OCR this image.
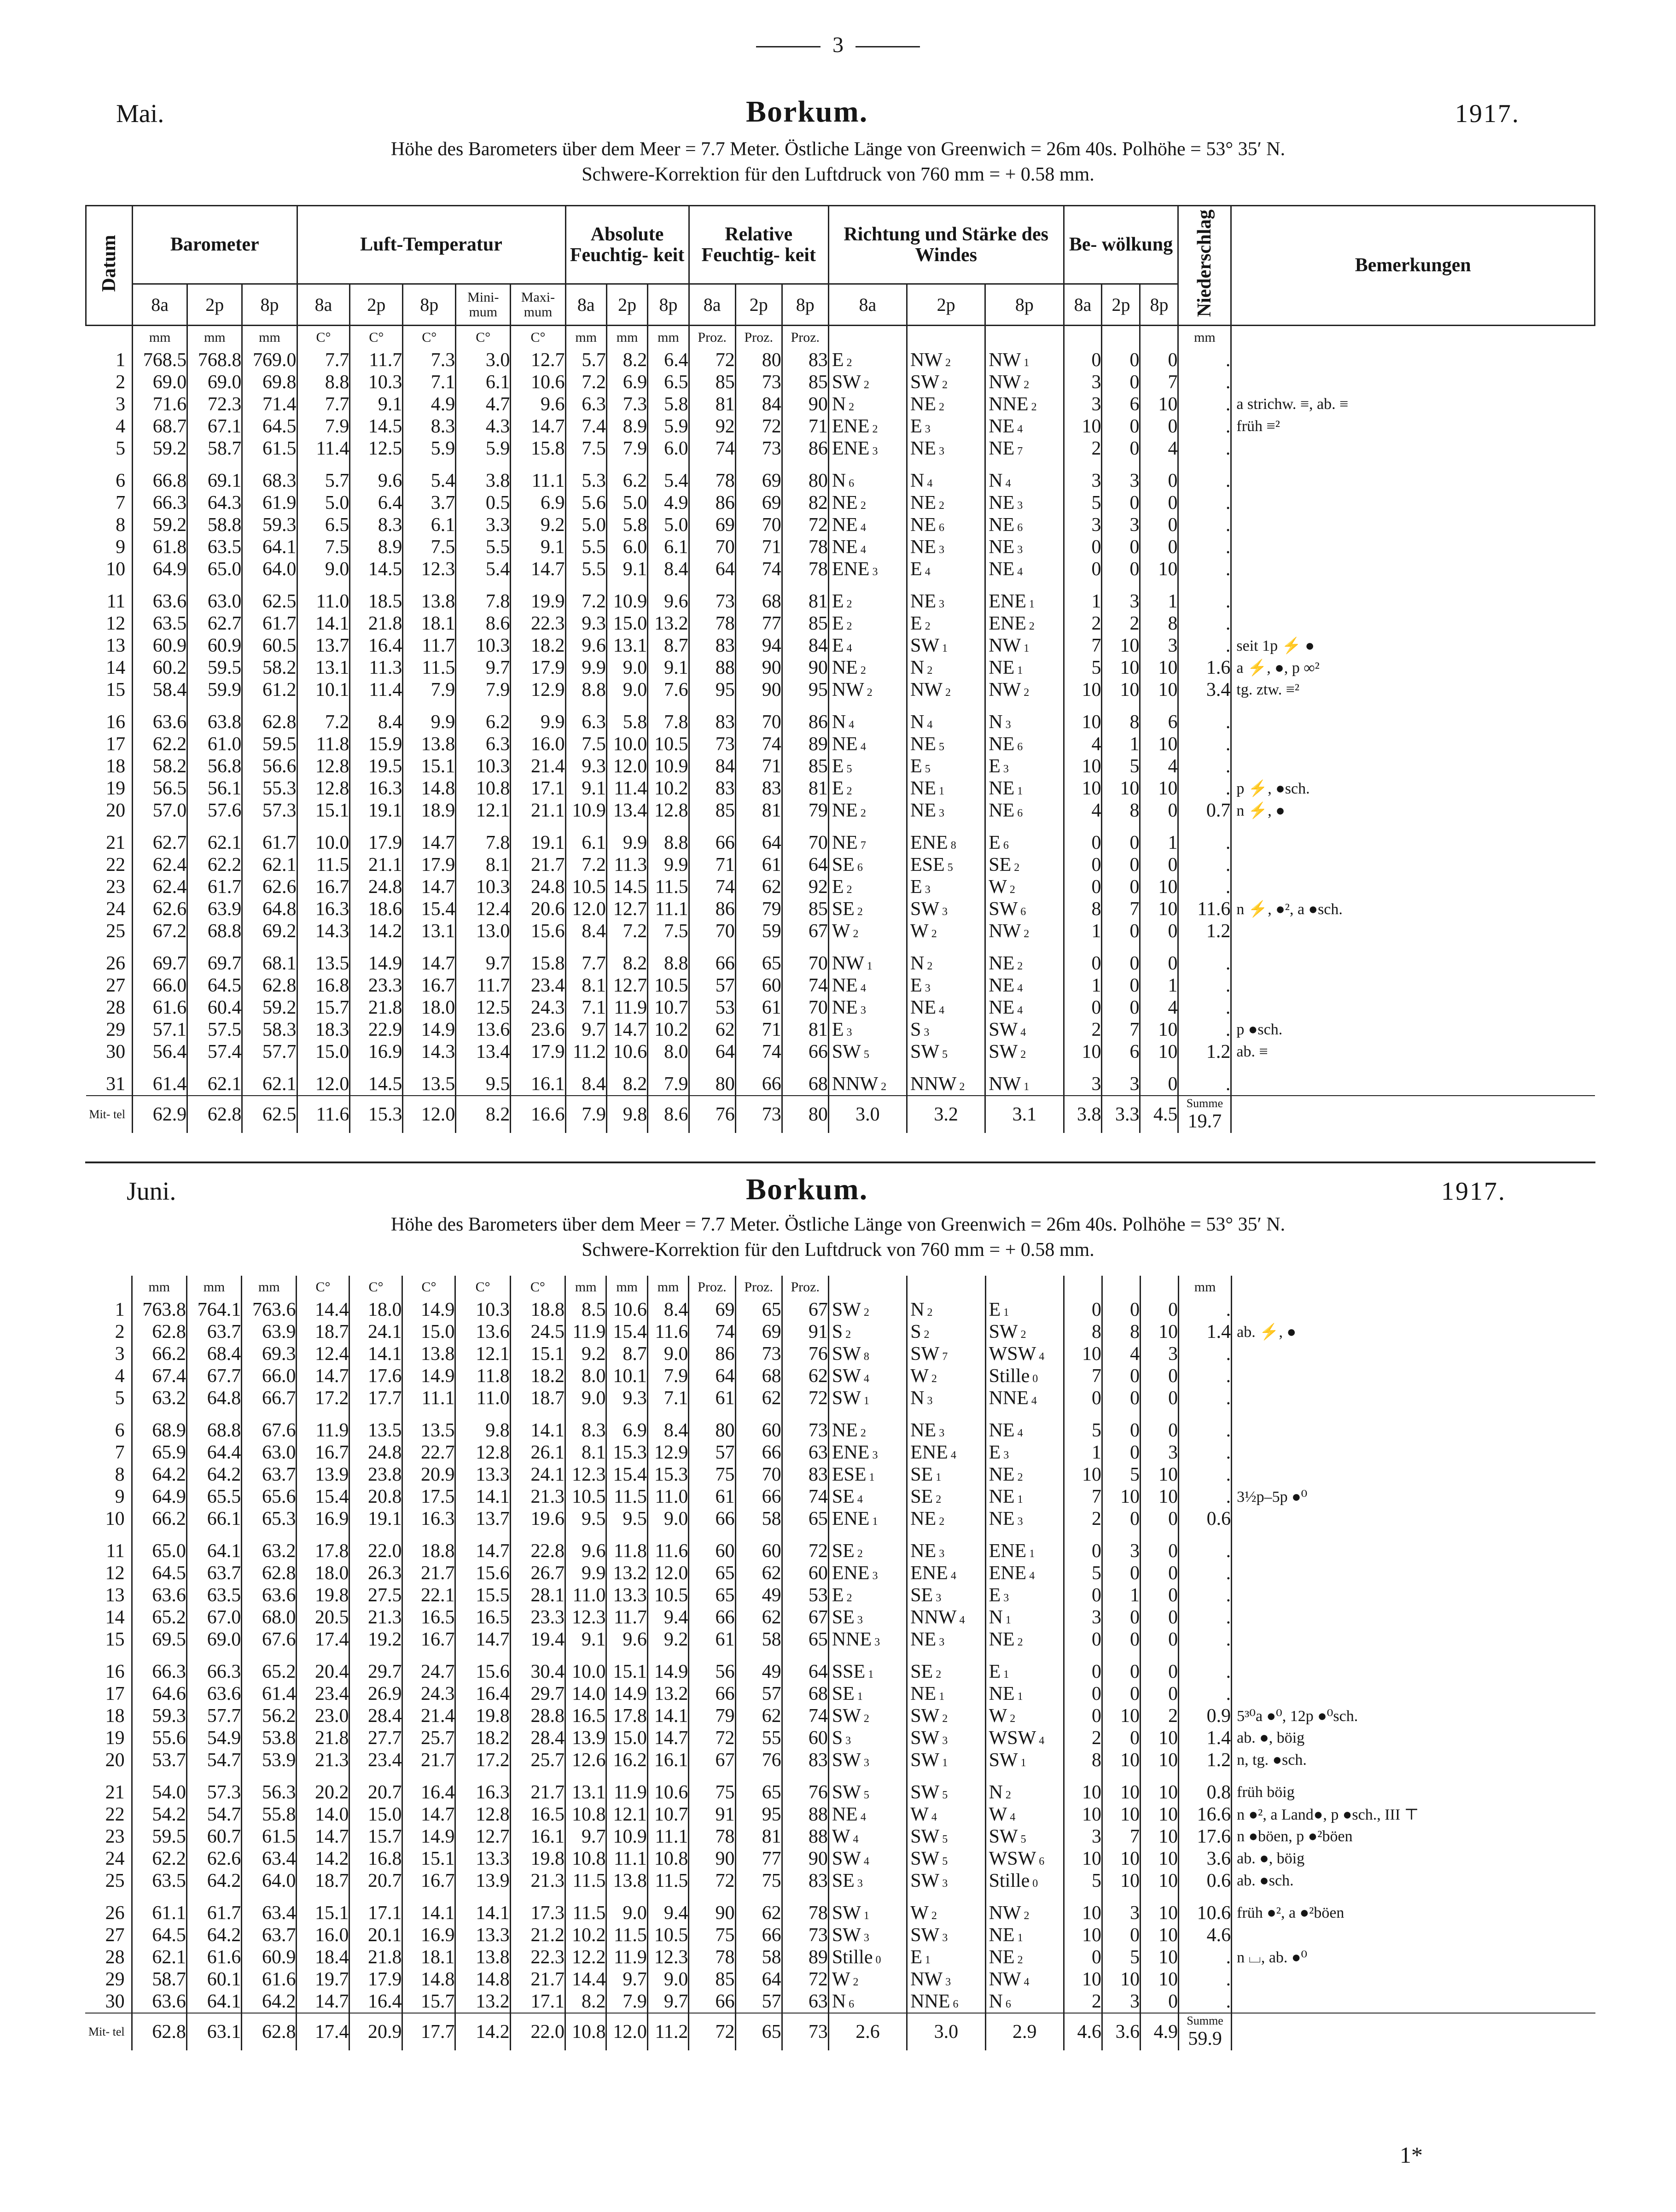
3
Mai.	Borkum.	1917.
Höhe des Barometers über dem Meer = 7.7 Meter. Östliche Länge von Greenwich = 26m 40s. Polhöhe = 53° 35′ N.
Schwere-Korrektion für den Luftdruck von 760 mm = + 0.58 mm.
Datum	Barometer			Luft-Temperatur					Absolute Feuchtig- keit			Relative Feuchtig- keit			Richtung und Stärke des Windes			Be- wölkung			Niederschlag	Bemerkungen
	8a	2p	8p	8a	2p	8p	Mini- mum	Maxi- mum	8a	2p	8p	8a	2p	8p	8a	2p	8p	8a	2p	8p		
	mm	mm	mm	C°	C°	C°	C°	C°	mm	mm	mm	Proz.	Proz.	Proz.							mm	
1	768.5	768.8	769.0	7.7	11.7	7.3	3.0	12.7	5.7	8.2	6.4	72	80	83	E 2	NW 2	NW 1	0	0	0	.	
2	69.0	69.0	69.8	8.8	10.3	7.1	6.1	10.6	7.2	6.9	6.5	85	73	85	SW 2	SW 2	NW 2	3	0	7	.	
3	71.6	72.3	71.4	7.7	9.1	4.9	4.7	9.6	6.3	7.3	5.8	81	84	90	N 2	NE 2	NNE 2	3	6	10	.	a strichw. ≡, ab. ≡
4	68.7	67.1	64.5	7.9	14.5	8.3	4.3	14.7	7.4	8.9	5.9	92	72	71	ENE 2	E 3	NE 4	10	0	0	.	früh ≡²
5	59.2	58.7	61.5	11.4	12.5	5.9	5.9	15.8	7.5	7.9	6.0	74	73	86	ENE 3	NE 3	NE 7	2	0	4	.	

6	66.8	69.1	68.3	5.7	9.6	5.4	3.8	11.1	5.3	6.2	5.4	78	69	80	N 6	N 4	N 4	3	3	0	.	
7	66.3	64.3	61.9	5.0	6.4	3.7	0.5	6.9	5.6	5.0	4.9	86	69	82	NE 2	NE 2	NE 3	5	0	0	.	
8	59.2	58.8	59.3	6.5	8.3	6.1	3.3	9.2	5.0	5.8	5.0	69	70	72	NE 4	NE 6	NE 6	3	3	0	.	
9	61.8	63.5	64.1	7.5	8.9	7.5	5.5	9.1	5.5	6.0	6.1	70	71	78	NE 4	NE 3	NE 3	0	0	0	.	
10	64.9	65.0	64.0	9.0	14.5	12.3	5.4	14.7	5.5	9.1	8.4	64	74	78	ENE 3	E 4	NE 4	0	0	10	.	

11	63.6	63.0	62.5	11.0	18.5	13.8	7.8	19.9	7.2	10.9	9.6	73	68	81	E 2	NE 3	ENE 1	1	3	1	.	
12	63.5	62.7	61.7	14.1	21.8	18.1	8.6	22.3	9.3	15.0	13.2	78	77	85	E 2	E 2	ENE 2	2	2	8	.	
13	60.9	60.9	60.5	13.7	16.4	11.7	10.3	18.2	9.6	13.1	8.7	83	94	84	E 4	SW 1	NW 1	7	10	3	.	seit 1p ⚡ ●
14	60.2	59.5	58.2	13.1	11.3	11.5	9.7	17.9	9.9	9.0	9.1	88	90	90	NE 2	N 2	NE 1	5	10	10	1.6	a ⚡, ●, p ∞²
15	58.4	59.9	61.2	10.1	11.4	7.9	7.9	12.9	8.8	9.0	7.6	95	90	95	NW 2	NW 2	NW 2	10	10	10	3.4	tg. ztw. ≡²

16	63.6	63.8	62.8	7.2	8.4	9.9	6.2	9.9	6.3	5.8	7.8	83	70	86	N 4	N 4	N 3	10	8	6	.	
17	62.2	61.0	59.5	11.8	15.9	13.8	6.3	16.0	7.5	10.0	10.5	73	74	89	NE 4	NE 5	NE 6	4	1	10	.	
18	58.2	56.8	56.6	12.8	19.5	15.1	10.3	21.4	9.3	12.0	10.9	84	71	85	E 5	E 5	E 3	10	5	4	.	
19	56.5	56.1	55.3	12.8	16.3	14.8	10.8	17.1	9.1	11.4	10.2	83	83	81	E 2	NE 1	NE 1	10	10	10	.	p ⚡, ●sch.
20	57.0	57.6	57.3	15.1	19.1	18.9	12.1	21.1	10.9	13.4	12.8	85	81	79	NE 2	NE 3	NE 6	4	8	0	0.7	n ⚡, ●

21	62.7	62.1	61.7	10.0	17.9	14.7	7.8	19.1	6.1	9.9	8.8	66	64	70	NE 7	ENE 8	E 6	0	0	1	.	
22	62.4	62.2	62.1	11.5	21.1	17.9	8.1	21.7	7.2	11.3	9.9	71	61	64	SE 6	ESE 5	SE 2	0	0	0	.	
23	62.4	61.7	62.6	16.7	24.8	14.7	10.3	24.8	10.5	14.5	11.5	74	62	92	E 2	E 3	W 2	0	0	10	.	
24	62.6	63.9	64.8	16.3	18.6	15.4	12.4	20.6	12.0	12.7	11.1	86	79	85	SE 2	SW 3	SW 6	8	7	10	11.6	n ⚡, ●², a ●sch.
25	67.2	68.8	69.2	14.3	14.2	13.1	13.0	15.6	8.4	7.2	7.5	70	59	67	W 2	W 2	NW 2	1	0	0	1.2	

26	69.7	69.7	68.1	13.5	14.9	14.7	9.7	15.8	7.7	8.2	8.8	66	65	70	NW 1	N 2	NE 2	0	0	0	.	
27	66.0	64.5	62.8	16.8	23.3	16.7	11.7	23.4	8.1	12.7	10.5	57	60	74	NE 4	E 3	NE 4	1	0	1	.	
28	61.6	60.4	59.2	15.7	21.8	18.0	12.5	24.3	7.1	11.9	10.7	53	61	70	NE 3	NE 4	NE 4	0	0	4	.	
29	57.1	57.5	58.3	18.3	22.9	14.9	13.6	23.6	9.7	14.7	10.2	62	71	81	E 3	S 3	SW 4	2	7	10	.	p ●sch.
30	56.4	57.4	57.7	15.0	16.9	14.3	13.4	17.9	11.2	10.6	8.0	64	74	66	SW 5	SW 5	SW 2	10	6	10	1.2	ab. ≡

31	61.4	62.1	62.1	12.0	14.5	13.5	9.5	16.1	8.4	8.2	7.9	80	66	68	NNW 2	NNW 2	NW 1	3	3	0	.	
Mit- tel	62.9	62.8	62.5	11.6	15.3	12.0	8.2	16.6	7.9	9.8	8.6	76	73	80	3.0	3.2	3.1	3.8	3.3	4.5	Summe
19.7	
Juni.	Borkum.	1917.
Höhe des Barometers über dem Meer = 7.7 Meter. Östliche Länge von Greenwich = 26m 40s. Polhöhe = 53° 35′ N.
Schwere-Korrektion für den Luftdruck von 760 mm = + 0.58 mm.
	mm	mm	mm	C°	C°	C°	C°	C°	mm	mm	mm	Proz.	Proz.	Proz.							mm	
1	763.8	764.1	763.6	14.4	18.0	14.9	10.3	18.8	8.5	10.6	8.4	69	65	67	SW 2	N 2	E 1	0	0	0	.	
2	62.8	63.7	63.9	18.7	24.1	15.0	13.6	24.5	11.9	15.4	11.6	74	69	91	S 2	S 2	SW 2	8	8	10	1.4	ab. ⚡, ●
3	66.2	68.4	69.3	12.4	14.1	13.8	12.1	15.1	9.2	8.7	9.0	86	73	76	SW 8	SW 7	WSW 4	10	4	3	.	
4	67.4	67.7	66.0	14.7	17.6	14.9	11.8	18.2	8.0	10.1	7.9	64	68	62	SW 4	W 2	Stille 0	7	0	0	.	
5	63.2	64.8	66.7	17.2	17.7	11.1	11.0	18.7	9.0	9.3	7.1	61	62	72	SW 1	N 3	NNE 4	0	0	0	.	

6	68.9	68.8	67.6	11.9	13.5	13.5	9.8	14.1	8.3	6.9	8.4	80	60	73	NE 2	NE 3	NE 4	5	0	0	.	
7	65.9	64.4	63.0	16.7	24.8	22.7	12.8	26.1	8.1	15.3	12.9	57	66	63	ENE 3	ENE 4	E 3	1	0	3	.	
8	64.2	64.2	63.7	13.9	23.8	20.9	13.3	24.1	12.3	15.4	15.3	75	70	83	ESE 1	SE 1	NE 2	10	5	10	.	
9	64.9	65.5	65.6	15.4	20.8	17.5	14.1	21.3	10.5	11.5	11.0	61	66	74	SE 4	SE 2	NE 1	7	10	10	.	3½p–5p ●⁰
10	66.2	66.1	65.3	16.9	19.1	16.3	13.7	19.6	9.5	9.5	9.0	66	58	65	ENE 1	NE 2	NE 3	2	0	0	0.6	

11	65.0	64.1	63.2	17.8	22.0	18.8	14.7	22.8	9.6	11.8	11.6	60	60	72	SE 2	NE 3	ENE 1	0	3	0	.	
12	64.5	63.7	62.8	18.0	26.3	21.7	15.6	26.7	9.9	13.2	12.0	65	62	60	ENE 3	ENE 4	ENE 4	5	0	0	.	
13	63.6	63.5	63.6	19.8	27.5	22.1	15.5	28.1	11.0	13.3	10.5	65	49	53	E 2	SE 3	E 3	0	1	0	.	
14	65.2	67.0	68.0	20.5	21.3	16.5	16.5	23.3	12.3	11.7	9.4	66	62	67	SE 3	NNW 4	N 1	3	0	0	.	
15	69.5	69.0	67.6	17.4	19.2	16.7	14.7	19.4	9.1	9.6	9.2	61	58	65	NNE 3	NE 3	NE 2	0	0	0	.	

16	66.3	66.3	65.2	20.4	29.7	24.7	15.6	30.4	10.0	15.1	14.9	56	49	64	SSE 1	SE 2	E 1	0	0	0	.	
17	64.6	63.6	61.4	23.4	26.9	24.3	16.4	29.7	14.0	14.9	13.2	66	57	68	SE 1	NE 1	NE 1	0	0	0	.	
18	59.3	57.7	56.2	23.0	28.4	21.4	19.8	28.8	16.5	17.8	14.1	79	62	74	SW 2	SW 2	W 2	0	10	2	0.9	5³⁰a ●⁰, 12p ●⁰sch.
19	55.6	54.9	53.8	21.8	27.7	25.7	18.2	28.4	13.9	15.0	14.7	72	55	60	S 3	SW 3	WSW 4	2	0	10	1.4	ab. ●, böig
20	53.7	54.7	53.9	21.3	23.4	21.7	17.2	25.7	12.6	16.2	16.1	67	76	83	SW 3	SW 1	SW 1	8	10	10	1.2	n, tg. ●sch.

21	54.0	57.3	56.3	20.2	20.7	16.4	16.3	21.7	13.1	11.9	10.6	75	65	76	SW 5	SW 5	N 2	10	10	10	0.8	früh böig
22	54.2	54.7	55.8	14.0	15.0	14.7	12.8	16.5	10.8	12.1	10.7	91	95	88	NE 4	W 4	W 4	10	10	10	16.6	n ●², a Land●, p ●sch., III ⊤
23	59.5	60.7	61.5	14.7	15.7	14.9	12.7	16.1	9.7	10.9	11.1	78	81	88	W 4	SW 5	SW 5	3	7	10	17.6	n ●böen, p ●²böen
24	62.2	62.6	63.4	14.2	16.8	15.1	13.3	19.8	10.8	11.1	10.8	90	77	90	SW 4	SW 5	WSW 6	10	10	10	3.6	ab. ●, böig
25	63.5	64.2	64.0	18.7	20.7	16.7	13.9	21.3	11.5	13.8	11.5	72	75	83	SE 3	SW 3	Stille 0	5	10	10	0.6	ab. ●sch.

26	61.1	61.7	63.4	15.1	17.1	14.1	14.1	17.3	11.5	9.0	9.4	90	62	78	SW 1	W 2	NW 2	10	3	10	10.6	früh ●², a ●²böen
27	64.5	64.2	63.7	16.0	20.1	16.9	13.3	21.2	10.2	11.5	10.5	75	66	73	SW 3	SW 3	NE 1	10	0	10	4.6	
28	62.1	61.6	60.9	18.4	21.8	18.1	13.8	22.3	12.2	11.9	12.3	78	58	89	Stille 0	E 1	NE 2	0	5	10	.	n ⌴, ab. ●⁰
29	58.7	60.1	61.6	19.7	17.9	14.8	14.8	21.7	14.4	9.7	9.0	85	64	72	W 2	NW 3	NW 4	10	10	10	.	
30	63.6	64.1	64.2	14.7	16.4	15.7	13.2	17.1	8.2	7.9	9.7	66	57	63	N 6	NNE 6	N 6	2	3	0	.	
Mit- tel	62.8	63.1	62.8	17.4	20.9	17.7	14.2	22.0	10.8	12.0	11.2	72	65	73	2.6	3.0	2.9	4.6	3.6	4.9	Summe
59.9	
1*
